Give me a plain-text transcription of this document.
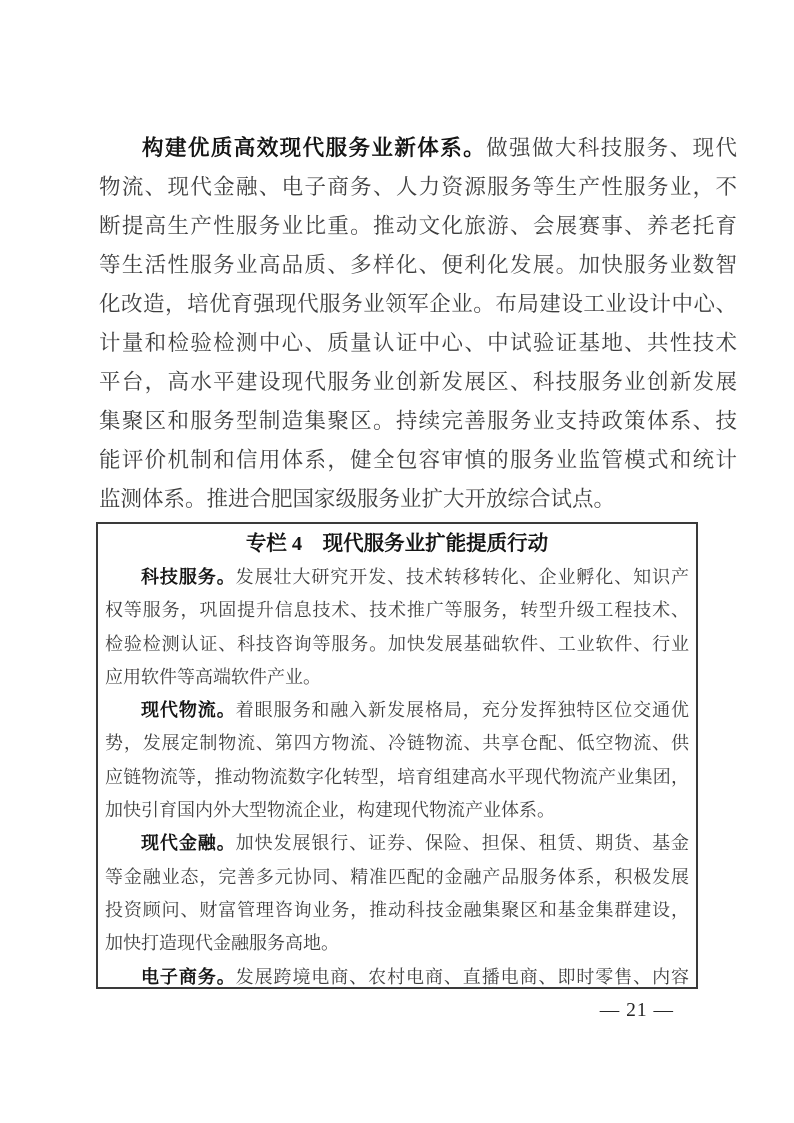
构建优质高效现代服务业新体系。做强做大科技服务、现代
物流、现代金融、电子商务、人力资源服务等生产性服务业，不
断提高生产性服务业比重。推动文化旅游、会展赛事、养老托育
等生活性服务业高品质、多样化、便利化发展。加快服务业数智
化改造，培优育强现代服务业领军企业。布局建设工业设计中心、
计量和检验检测中心、质量认证中心、中试验证基地、共性技术
平台，高水平建设现代服务业创新发展区、科技服务业创新发展
集聚区和服务型制造集聚区。持续完善服务业支持政策体系、技
能评价机制和信用体系，健全包容审慎的服务业监管模式和统计
监测体系。推进合肥国家级服务业扩大开放综合试点。
专栏 4　现代服务业扩能提质行动
科技服务。发展壮大研究开发、技术转移转化、企业孵化、知识产
权等服务，巩固提升信息技术、技术推广等服务，转型升级工程技术、
检验检测认证、科技咨询等服务。加快发展基础软件、工业软件、行业
应用软件等高端软件产业。
现代物流。着眼服务和融入新发展格局，充分发挥独特区位交通优
势，发展定制物流、第四方物流、冷链物流、共享仓配、低空物流、供
应链物流等，推动物流数字化转型，培育组建高水平现代物流产业集团，
加快引育国内外大型物流企业，构建现代物流产业体系。
现代金融。加快发展银行、证券、保险、担保、租赁、期货、基金
等金融业态，完善多元协同、精准匹配的金融产品服务体系，积极发展
投资顾问、财富管理咨询业务，推动科技金融集聚区和基金集群建设，
加快打造现代金融服务高地。
电子商务。发展跨境电商、农村电商、直播电商、即时零售、内容
— 21 —
